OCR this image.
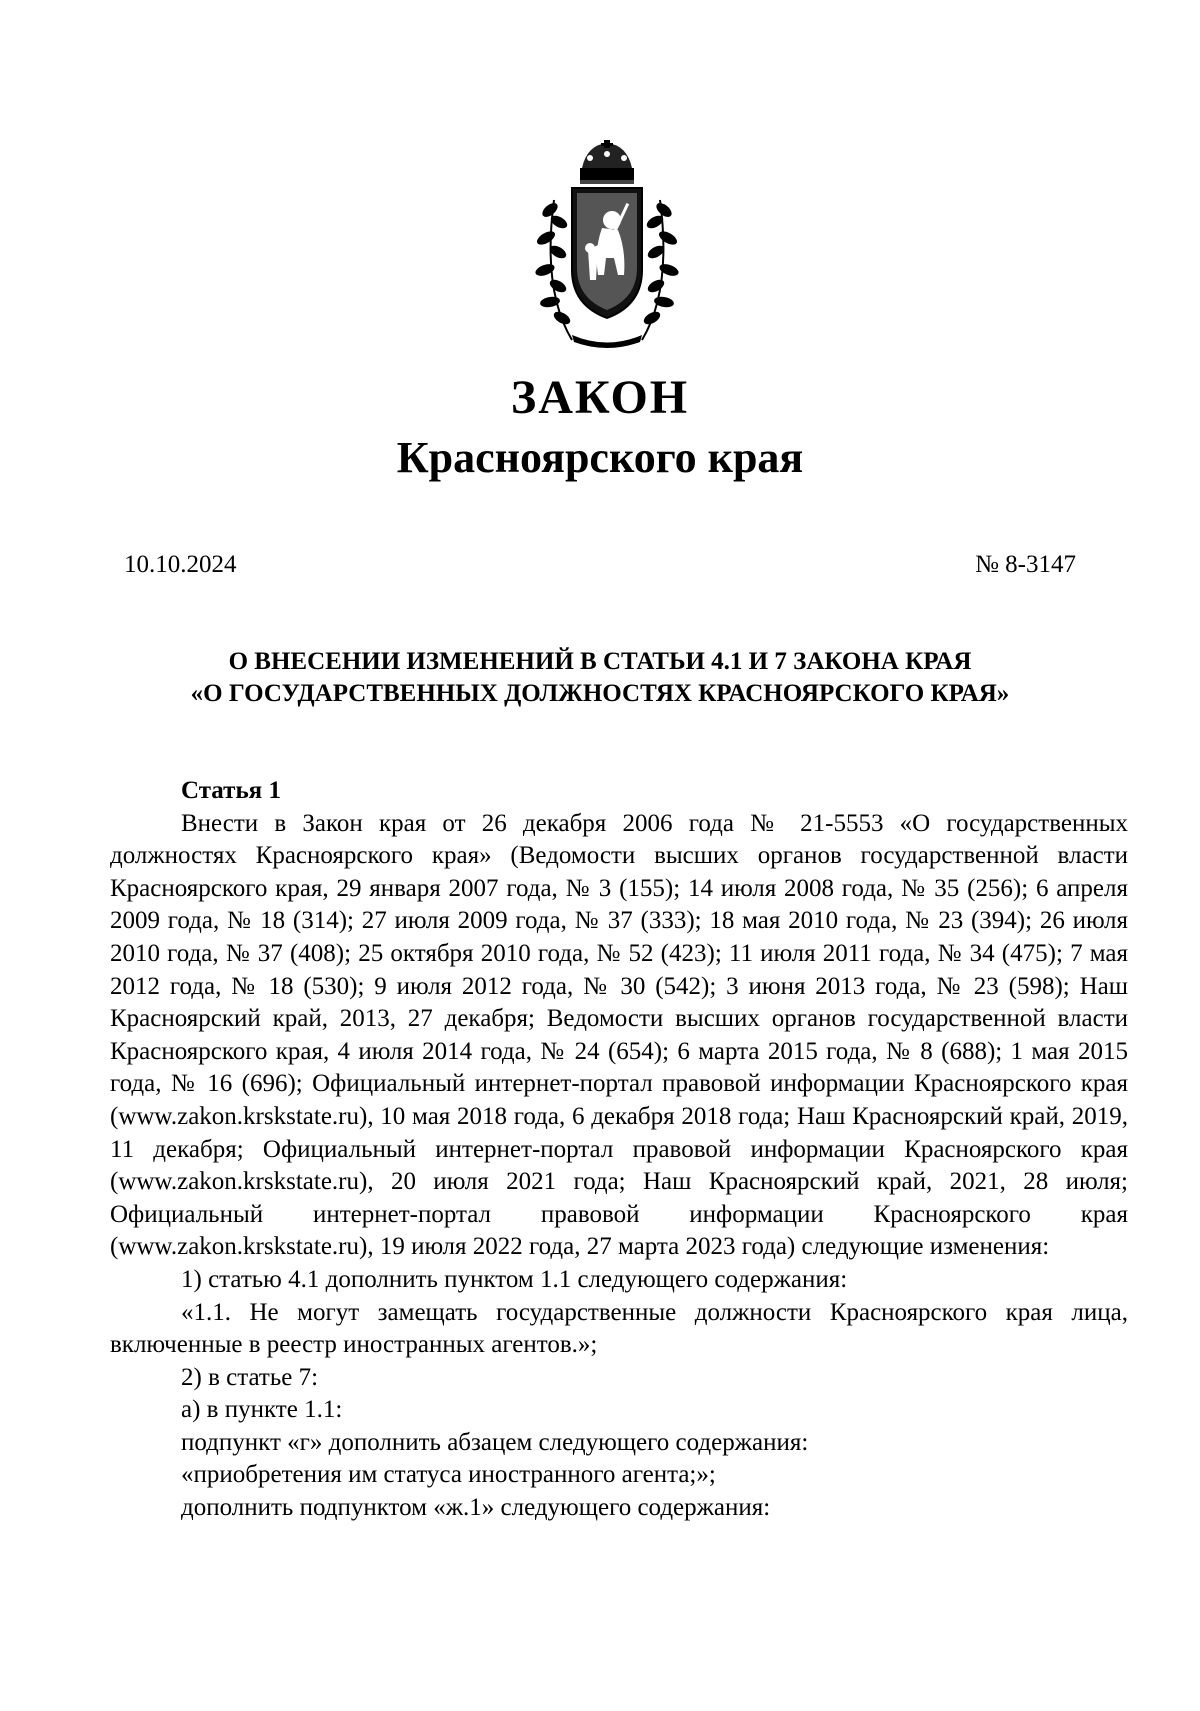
ЗАКОН
Красноярского края
10.10.2024	№ 8-3147
О ВНЕСЕНИИ ИЗМЕНЕНИЙ В СТАТЬИ 4.1 И 7 ЗАКОНА КРАЯ
«О ГОСУДАРСТВЕННЫХ ДОЛЖНОСТЯХ КРАСНОЯРСКОГО КРАЯ»

Статья 1

Внести в Закон края от 26 декабря 2006 года № 21-5553 «О государственных должностях Красноярского края» (Ведомости высших органов государственной власти Красноярского края, 29 января 2007 года, № 3 (155); 14 июля 2008 года, № 35 (256); 6 апреля 2009 года, № 18 (314); 27 июля 2009 года, № 37 (333); 18 мая 2010 года, № 23 (394); 26 июля 2010 года, № 37 (408); 25 октября 2010 года, № 52 (423); 11 июля 2011 года, № 34 (475); 7 мая 2012 года, № 18 (530); 9 июля 2012 года, № 30 (542); 3 июня 2013 года, № 23 (598); Наш Красноярский край, 2013, 27 декабря; Ведомости высших органов государственной власти Красноярского края, 4 июля 2014 года, № 24 (654); 6 марта 2015 года, № 8 (688); 1 мая 2015 года, № 16 (696); Официальный интернет-портал правовой информации Красноярского края (www.zakon.krskstate.ru), 10 мая 2018 года, 6 декабря 2018 года; Наш Красноярский край, 2019, 11 декабря; Официальный интернет-портал правовой информации Красноярского края (www.zakon.krskstate.ru), 20 июля 2021 года; Наш Красноярский край, 2021, 28 июля; Официальный интернет-портал правовой информации Красноярского края (www.zakon.krskstate.ru), 19 июля 2022 года, 27 марта 2023 года) следующие изменения:

1) статью 4.1 дополнить пунктом 1.1 следующего содержания:

«1.1. Не могут замещать государственные должности Красноярского края лица, включенные в реестр иностранных агентов.»;

2) в статье 7:

а) в пункте 1.1:

подпункт «г» дополнить абзацем следующего содержания:

«приобретения им статуса иностранного агента;»;

дополнить подпунктом «ж.1» следующего содержания:
